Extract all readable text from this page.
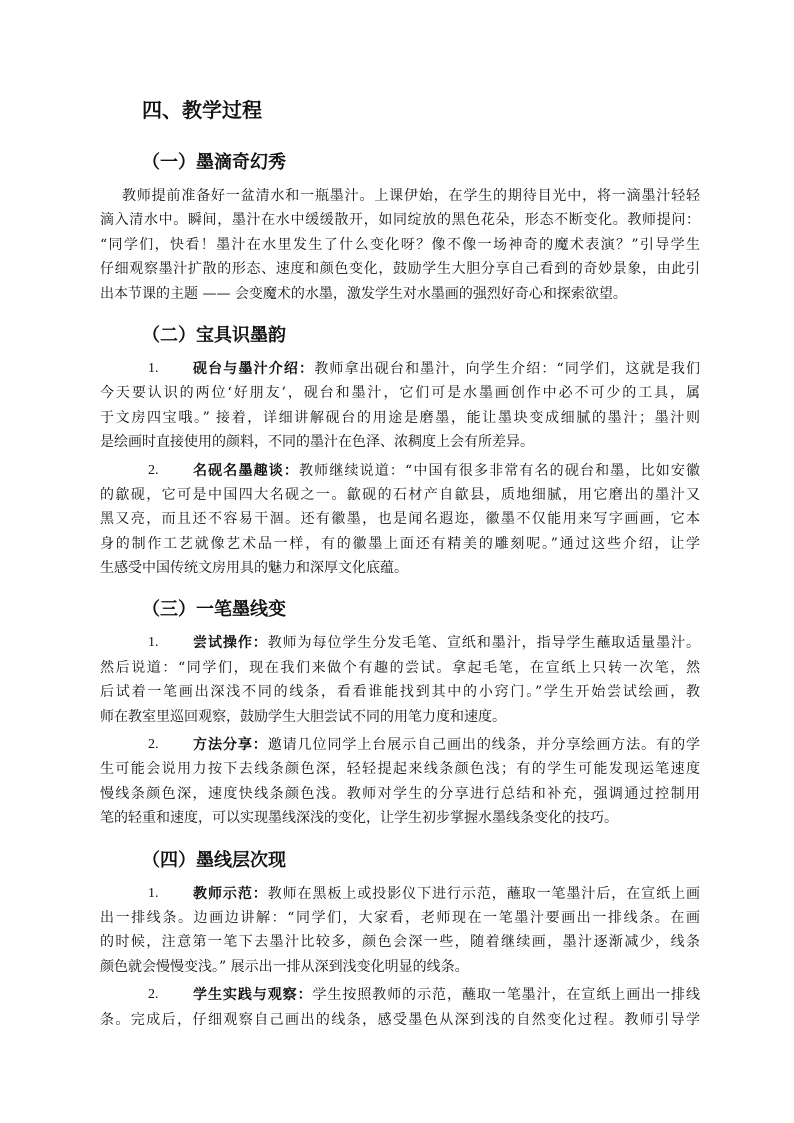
四、教学过程
（一）墨滴奇幻秀
教师提前准备好一盆清水和一瓶墨汁。上课伊始，在学生的期待目光中，将一滴墨汁轻轻
滴入清水中。瞬间，墨汁在水中缓缓散开，如同绽放的黑色花朵，形态不断变化。教师提问：
“同学们，快看！墨汁在水里发生了什么变化呀？像不像一场神奇的魔术表演？”引导学生
仔细观察墨汁扩散的形态、速度和颜色变化，鼓励学生大胆分享自己看到的奇妙景象，由此引
出本节课的主题 —— 会变魔术的水墨，激发学生对水墨画的强烈好奇心和探索欲望。
（二）宝具识墨韵
1. 砚台与墨汁介绍：教师拿出砚台和墨汁，向学生介绍：“同学们，这就是我们
今天要认识的两位‘好朋友’，砚台和墨汁，它们可是水墨画创作中必不可少的工具，属
于文房四宝哦。” 接着，详细讲解砚台的用途是磨墨，能让墨块变成细腻的墨汁；墨汁则
是绘画时直接使用的颜料，不同的墨汁在色泽、浓稠度上会有所差异。
2. 名砚名墨趣谈：教师继续说道：“中国有很多非常有名的砚台和墨，比如安徽
的歙砚，它可是中国四大名砚之一。歙砚的石材产自歙县，质地细腻，用它磨出的墨汁又
黑又亮，而且还不容易干涸。还有徽墨，也是闻名遐迩，徽墨不仅能用来写字画画，它本
身的制作工艺就像艺术品一样，有的徽墨上面还有精美的雕刻呢。”通过这些介绍，让学
生感受中国传统文房用具的魅力和深厚文化底蕴。
（三）一笔墨线变
1. 尝试操作：教师为每位学生分发毛笔、宣纸和墨汁，指导学生蘸取适量墨汁。
然后说道：“同学们，现在我们来做个有趣的尝试。拿起毛笔，在宣纸上只转一次笔，然
后试着一笔画出深浅不同的线条，看看谁能找到其中的小窍门。”学生开始尝试绘画，教
师在教室里巡回观察，鼓励学生大胆尝试不同的用笔力度和速度。
2. 方法分享：邀请几位同学上台展示自己画出的线条，并分享绘画方法。有的学
生可能会说用力按下去线条颜色深，轻轻提起来线条颜色浅；有的学生可能发现运笔速度
慢线条颜色深，速度快线条颜色浅。教师对学生的分享进行总结和补充，强调通过控制用
笔的轻重和速度，可以实现墨线深浅的变化，让学生初步掌握水墨线条变化的技巧。
（四）墨线层次现
1. 教师示范：教师在黑板上或投影仪下进行示范，蘸取一笔墨汁后，在宣纸上画
出一排线条。边画边讲解：“同学们，大家看，老师现在一笔墨汁要画出一排线条。在画
的时候，注意第一笔下去墨汁比较多，颜色会深一些，随着继续画，墨汁逐渐减少，线条
颜色就会慢慢变浅。” 展示出一排从深到浅变化明显的线条。
2. 学生实践与观察：学生按照教师的示范，蘸取一笔墨汁，在宣纸上画出一排线
条。完成后，仔细观察自己画出的线条，感受墨色从深到浅的自然变化过程。教师引导学
